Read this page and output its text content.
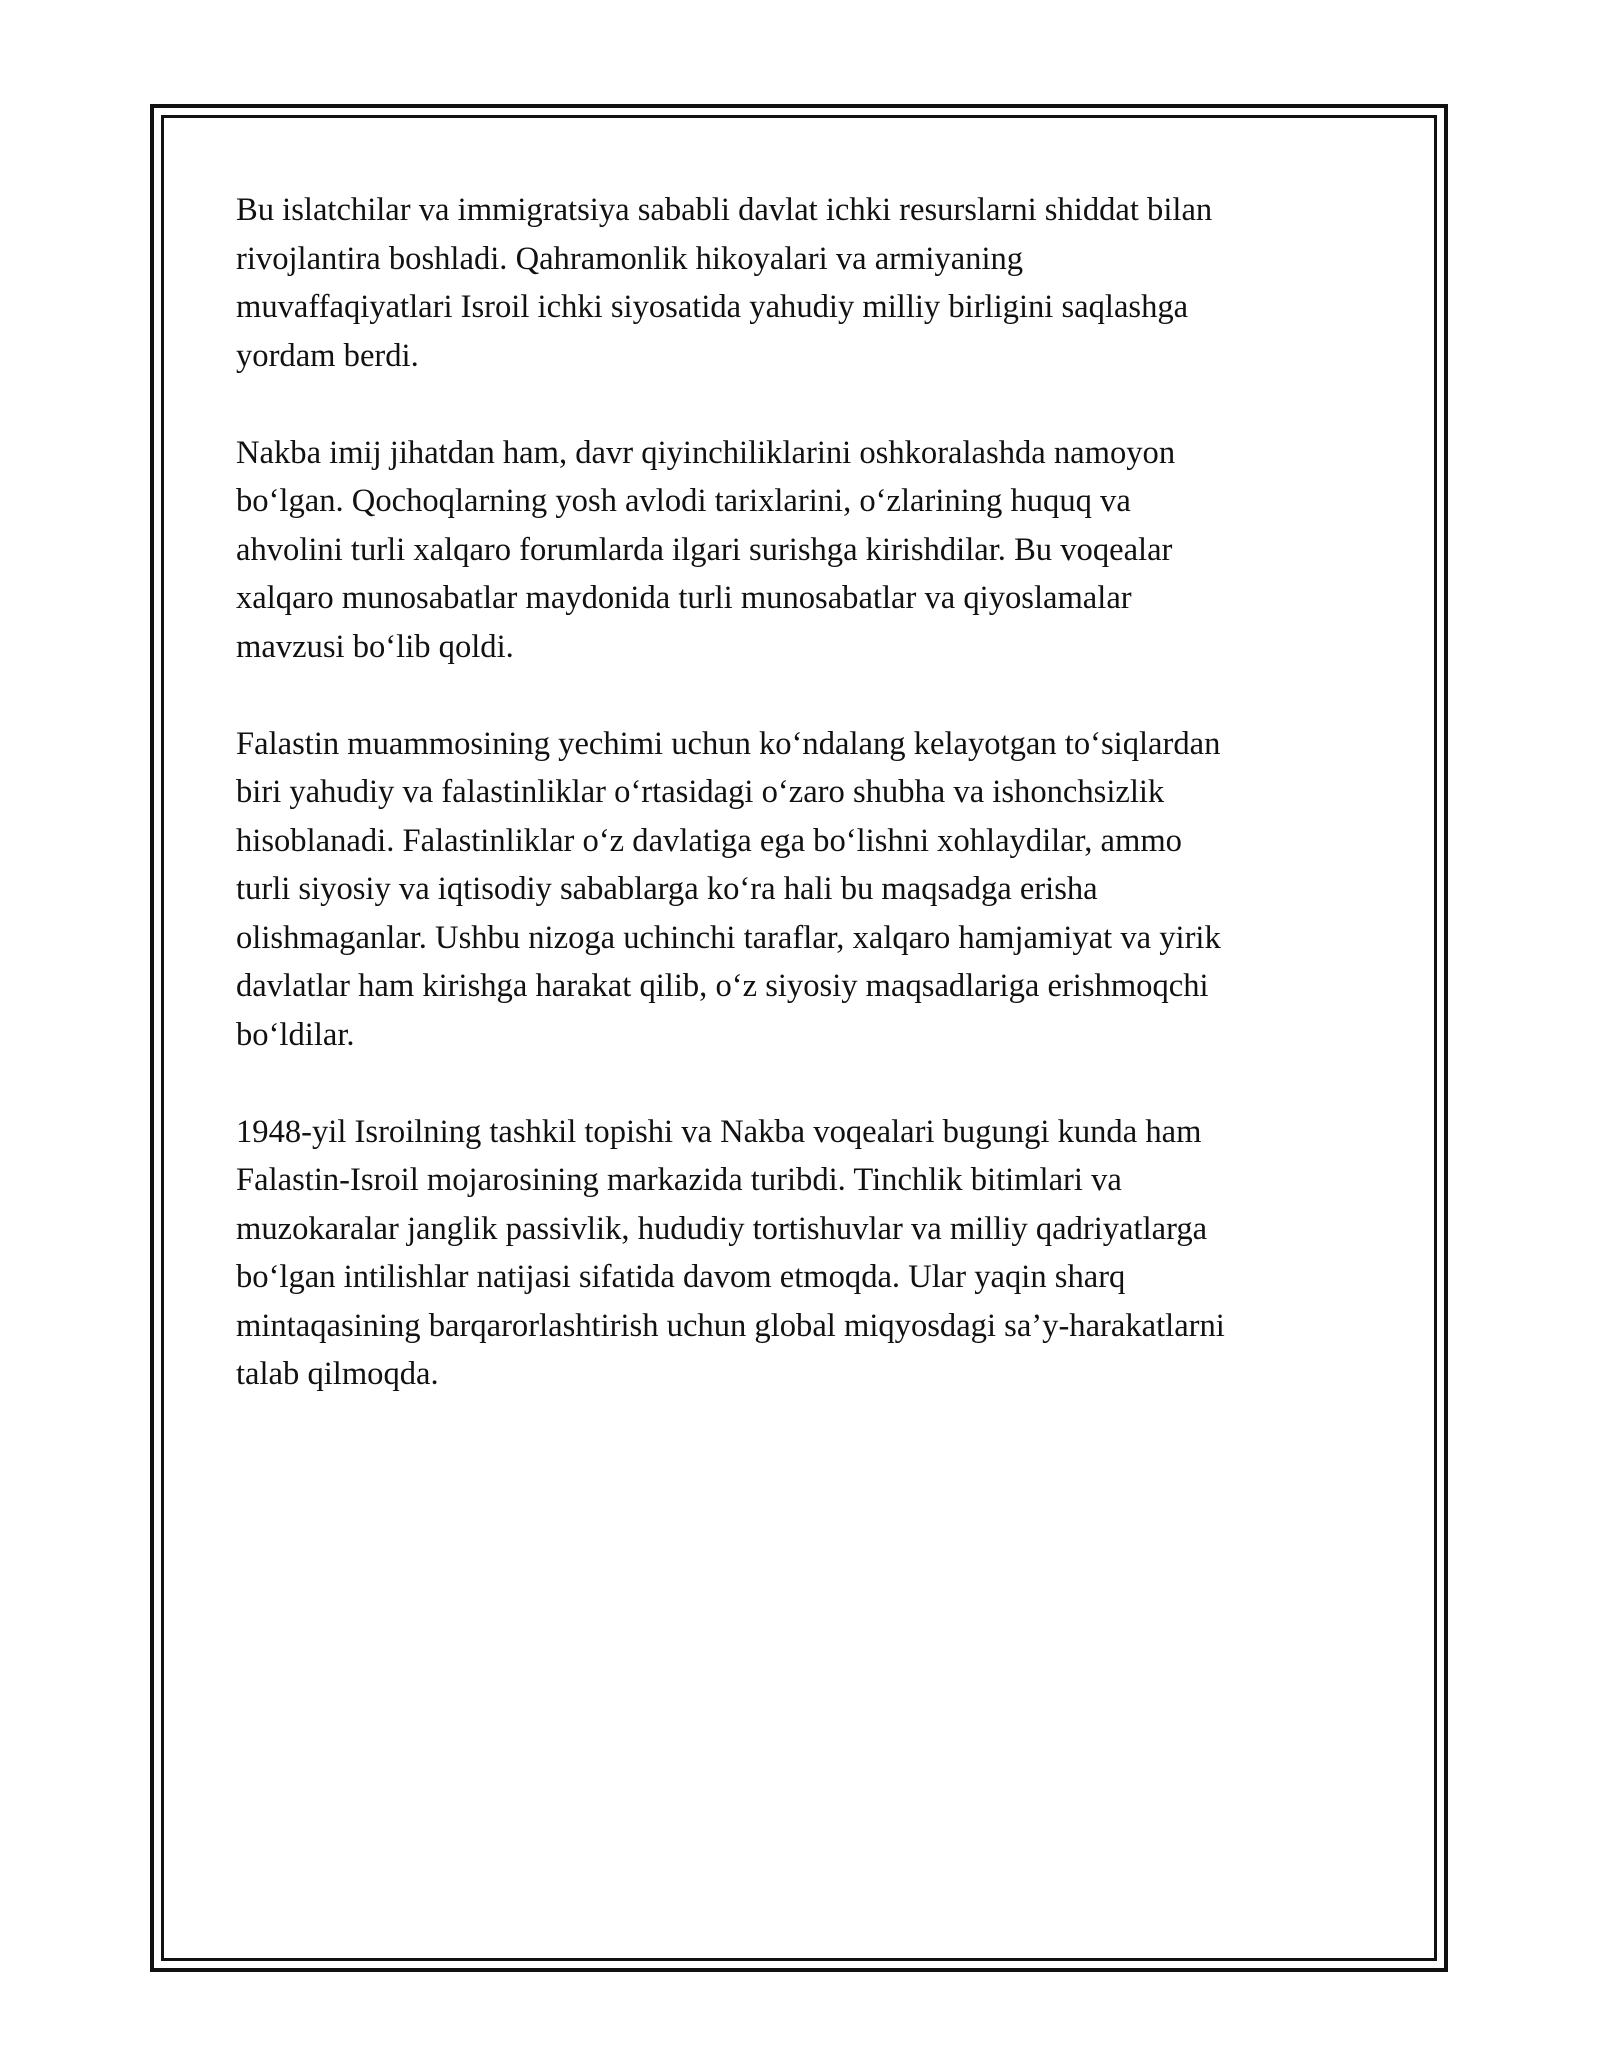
Bu islatchilar va immigratsiya sababli davlat ichki resurslarni shiddat bilan
rivojlantira boshladi. Qahramonlik hikoyalari va armiyaning
muvaffaqiyatlari Isroil ichki siyosatida yahudiy milliy birligini saqlashga
yordam berdi.

Nakba imij jihatdan ham, davr qiyinchiliklarini oshkoralashda namoyon
bo‘lgan. Qochoqlarning yosh avlodi tarixlarini, o‘zlarining huquq va
ahvolini turli xalqaro forumlarda ilgari surishga kirishdilar. Bu voqealar
xalqaro munosabatlar maydonida turli munosabatlar va qiyoslamalar
mavzusi bo‘lib qoldi.

Falastin muammosining yechimi uchun ko‘ndalang kelayotgan to‘siqlardan
biri yahudiy va falastinliklar o‘rtasidagi o‘zaro shubha va ishonchsizlik
hisoblanadi. Falastinliklar o‘z davlatiga ega bo‘lishni xohlaydilar, ammo
turli siyosiy va iqtisodiy sabablarga ko‘ra hali bu maqsadga erisha
olishmaganlar. Ushbu nizoga uchinchi taraflar, xalqaro hamjamiyat va yirik
davlatlar ham kirishga harakat qilib, o‘z siyosiy maqsadlariga erishmoqchi
bo‘ldilar.

1948-yil Isroilning tashkil topishi va Nakba voqealari bugungi kunda ham
Falastin-Isroil mojarosining markazida turibdi. Tinchlik bitimlari va
muzokaralar janglik passivlik, hududiy tortishuvlar va milliy qadriyatlarga
bo‘lgan intilishlar natijasi sifatida davom etmoqda. Ular yaqin sharq
mintaqasining barqarorlashtirish uchun global miqyosdagi sa’y-harakatlarni
talab qilmoqda.
